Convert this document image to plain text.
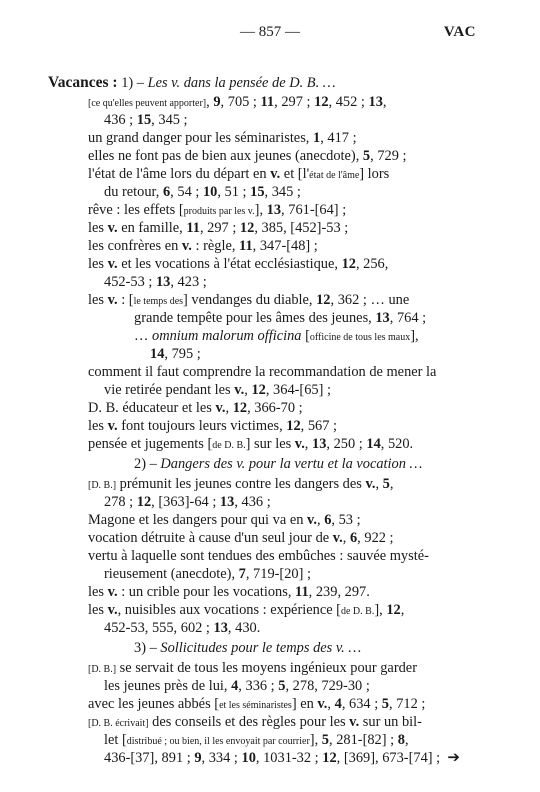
— 857 —	VAC
Vacances : 1) – Les v. dans la pensée de D. B. …
[ce qu'elles peuvent apporter], 9, 705 ; 11, 297 ; 12, 452 ; 13,
436 ; 15, 345 ;
un grand danger pour les séminaristes, 1, 417 ;
elles ne font pas de bien aux jeunes (anecdote), 5, 729 ;
l'état de l'âme lors du départ en v. et [l'état de l'âme] lors
du retour, 6, 54 ; 10, 51 ; 15, 345 ;
rêve : les effets [produits par les v.], 13, 761-[64] ;
les v. en famille, 11, 297 ; 12, 385, [452]-53 ;
les confrères en v. : règle, 11, 347-[48] ;
les v. et les vocations à l'état ecclésiastique, 12, 256,
452-53 ; 13, 423 ;
les v. : [le temps des] vendanges du diable, 12, 362 ; … une
grande tempête pour les âmes des jeunes, 13, 764 ;
… omnium malorum officina [officine de tous les maux],
14, 795 ;
comment il faut comprendre la recommandation de mener la
vie retirée pendant les v., 12, 364-[65] ;
D. B. éducateur et les v., 12, 366-70 ;
les v. font toujours leurs victimes, 12, 567 ;
pensée et jugements [de D. B.] sur les v., 13, 250 ; 14, 520.
2) – Dangers des v. pour la vertu et la vocation …
[D. B.] prémunit les jeunes contre les dangers des v., 5,
278 ; 12, [363]-64 ; 13, 436 ;
Magone et les dangers pour qui va en v., 6, 53 ;
vocation détruite à cause d'un seul jour de v., 6, 922 ;
vertu à laquelle sont tendues des embûches : sauvée mysté-
rieusement (anecdote), 7, 719-[20] ;
les v. : un crible pour les vocations, 11, 239, 297.
les v., nuisibles aux vocations : expérience [de D. B.], 12,
452-53, 555, 602 ; 13, 430.
3) – Sollicitudes pour le temps des v. …
[D. B.] se servait de tous les moyens ingénieux pour garder
les jeunes près de lui, 4, 336 ; 5, 278, 729-30 ;
avec les jeunes abbés [et les séminaristes] en v., 4, 634 ; 5, 712 ;
[D. B. écrivait] des conseils et des règles pour les v. sur un bil-
let [distribué ; ou bien, il les envoyait par courrier], 5, 281-[82] ; 8,
436-[37], 891 ; 9, 334 ; 10, 1031-32 ; 12, [369], 673-[74] ;  ➔
